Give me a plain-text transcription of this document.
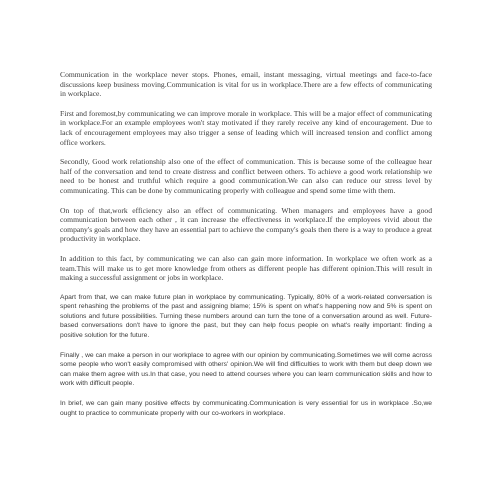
Communication in the workplace never stops. Phones, email, instant messaging, virtual meetings and face-to-face discussions keep business moving.Communication is vital for us in workplace.There are a few effects of communicating in workplace.

First and foremost,by communicating we can improve morale in workplace. This will be a major effect of communicating in workplace.For an example employees won't stay motivated if they rarely receive any kind of encouragement. Due to lack of encouragement employees may also trigger a sense of leading which will increased tension and conflict among office workers.

Secondly, Good work relationship also one of the effect of communication. This is because some of the colleague hear half of the conversation and tend to create distress and conflict between others. To achieve a good work relationship we need to be honest and truthful which require a good communication.We can also can reduce our stress level by communicating. This can be done by communicating properly with colleague and spend some time with them.

On top of that,work efficiency also an effect of communicating. When managers and employees have a good communication between each other , it can increase the effectiveness in workplace.If the employees vivid about the company's goals and how they have an essential part to achieve the company's goals then there is a way to produce a great productivity in workplace.

In addition to this fact, by communicating we can also can gain more information. In workplace we often work as a team.This will make us to get more knowledge from others as different people has different opinion.This will result in making a successful assignment or jobs in workplace.

Apart from that, we can make future plan in workplace by communicating. Typically, 80% of a work-related conversation is spent rehashing the problems of the past and assigning blame; 15% is spent on what's happening now and 5% is spent on solutions and future possibilities. Turning these numbers around can turn the tone of a conversation around as well. Future-based conversations don't have to ignore the past, but they can help focus people on what's really important: finding a positive solution for the future.

Finally , we can make a person in our workplace to agree with our opinion by communicating.Sometimes we will come across some people who won't easily compromised with others' opinion.We will find difficulties to work with them but deep down we can make them agree with us.In that case, you need to attend courses where you can learn communication skills and how to work with difficult people.

In brief, we can gain many positive effects by communicating.Communication is very essential for us in workplace .So,we ought to practice to communicate properly with our co-workers in workplace.
